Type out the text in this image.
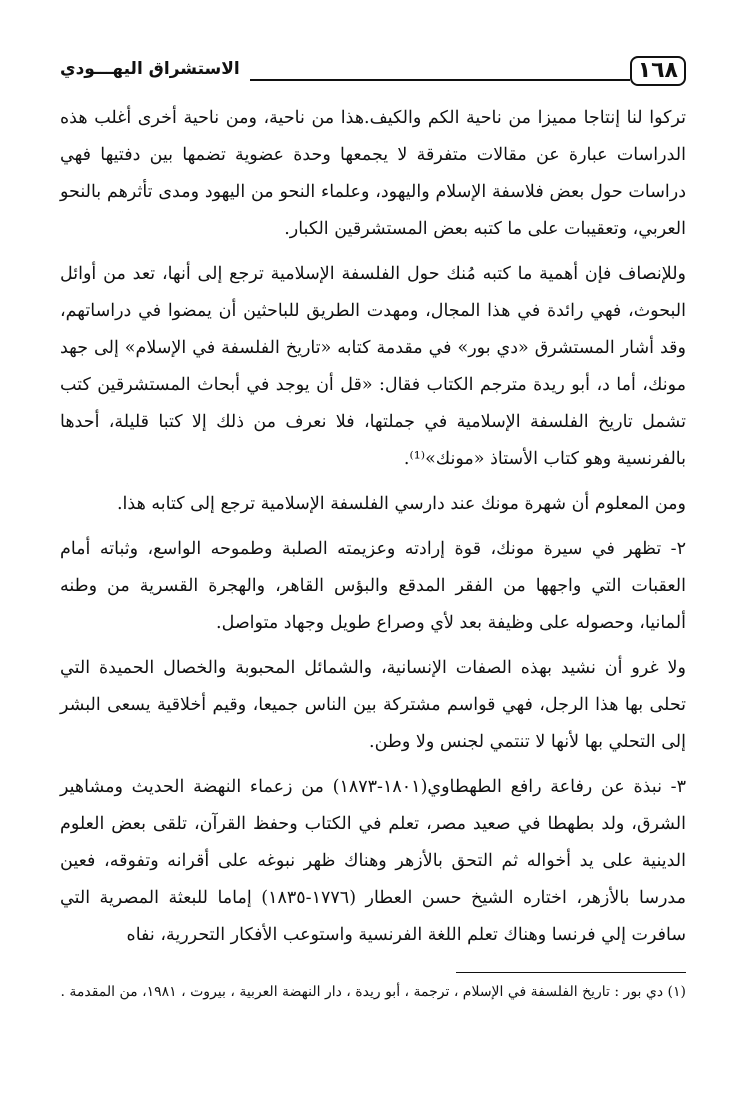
١٦٨
الاستشراق اليهـــودي

تركوا لنا إنتاجا مميزا من ناحية الكم والكيف.هذا من ناحية، ومن ناحية أخرى أغلب هذه الدراسات عبارة عن مقالات متفرقة لا يجمعها وحدة عضوية تضمها بين دفتيها فهي دراسات حول بعض فلاسفة الإسلام واليهود، وعلماء النحو من اليهود ومدى تأثرهم بالنحو العربي، وتعقيبات على ما كتبه بعض المستشرقين الكبار.

وللإنصاف فإن أهمية ما كتبه مُنك حول الفلسفة الإسلامية ترجع إلى أنها، تعد من أوائل البحوث، فهي رائدة في هذا المجال، ومهدت الطريق للباحثين أن يمضوا في دراساتهم، وقد أشار المستشرق «دي بور» في مقدمة كتابه «تاريخ الفلسفة في الإسلام» إلى جهد مونك، أما د، أبو ريدة مترجم الكتاب فقال: «قل أن يوجد في أبحاث المستشرقين كتب تشمل تاريخ الفلسفة الإسلامية في جملتها، فلا نعرف من ذلك إلا كتبا قليلة، أحدها بالفرنسية وهو كتاب الأستاذ «مونك»⁽¹⁾.

ومن المعلوم أن شهرة مونك عند دارسي الفلسفة الإسلامية ترجع إلى كتابه هذا.

٢- تظهر في سيرة مونك، قوة إرادته وعزيمته الصلبة وطموحه الواسع، وثباته أمام العقبات التي واجهها من الفقر المدقع والبؤس القاهر، والهجرة القسرية من وطنه ألمانيا، وحصوله على وظيفة بعد لأي وصراع طويل وجهاد متواصل.

ولا غرو أن نشيد بهذه الصفات الإنسانية، والشمائل المحبوبة والخصال الحميدة التي تحلى بها هذا الرجل، فهي قواسم مشتركة بين الناس جميعا، وقيم أخلاقية يسعى البشر إلى التحلي بها لأنها لا تنتمي لجنس ولا وطن.

٣- نبذة عن رفاعة رافع الطهطاوي(١٨٠١-١٨٧٣) من زعماء النهضة الحديث ومشاهير الشرق، ولد بطهطا في صعيد مصر، تعلم في الكتاب وحفظ القرآن، تلقى بعض العلوم الدينية على يد أخواله ثم التحق بالأزهر وهناك ظهر نبوغه على أقرانه وتفوقه، فعين مدرسا بالأزهر، اختاره الشيخ حسن العطار (١٧٧٦-١٨٣٥) إماما للبعثة المصرية التي سافرت إلي فرنسا وهناك تعلم اللغة الفرنسية واستوعب الأفكار التحررية، نفاه

(١) دي بور : تاريخ الفلسفة في الإسلام ، ترجمة ، أبو ريدة ، دار النهضة العربية ، بيروت ، ١٩٨١، من المقدمة .
